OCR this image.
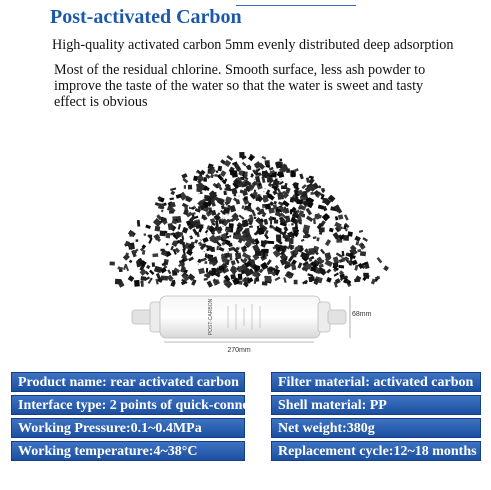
Post-activated Carbon
High-quality activated carbon 5mm evenly distributed deep adsorption
Most of the residual chlorine. Smooth surface, less ash powder to improve the taste of the water so that the water is sweet and tasty effect is obvious
POST-CARBON
270mm
68mm
Product name: rear activated carbon	Filter material: activated carbon
Interface type: 2 points of quick-connect	Shell material: PP
Working Pressure:0.1~0.4MPa	Net weight:380g
Working temperature:4~38°C	Replacement cycle:12~18 months
